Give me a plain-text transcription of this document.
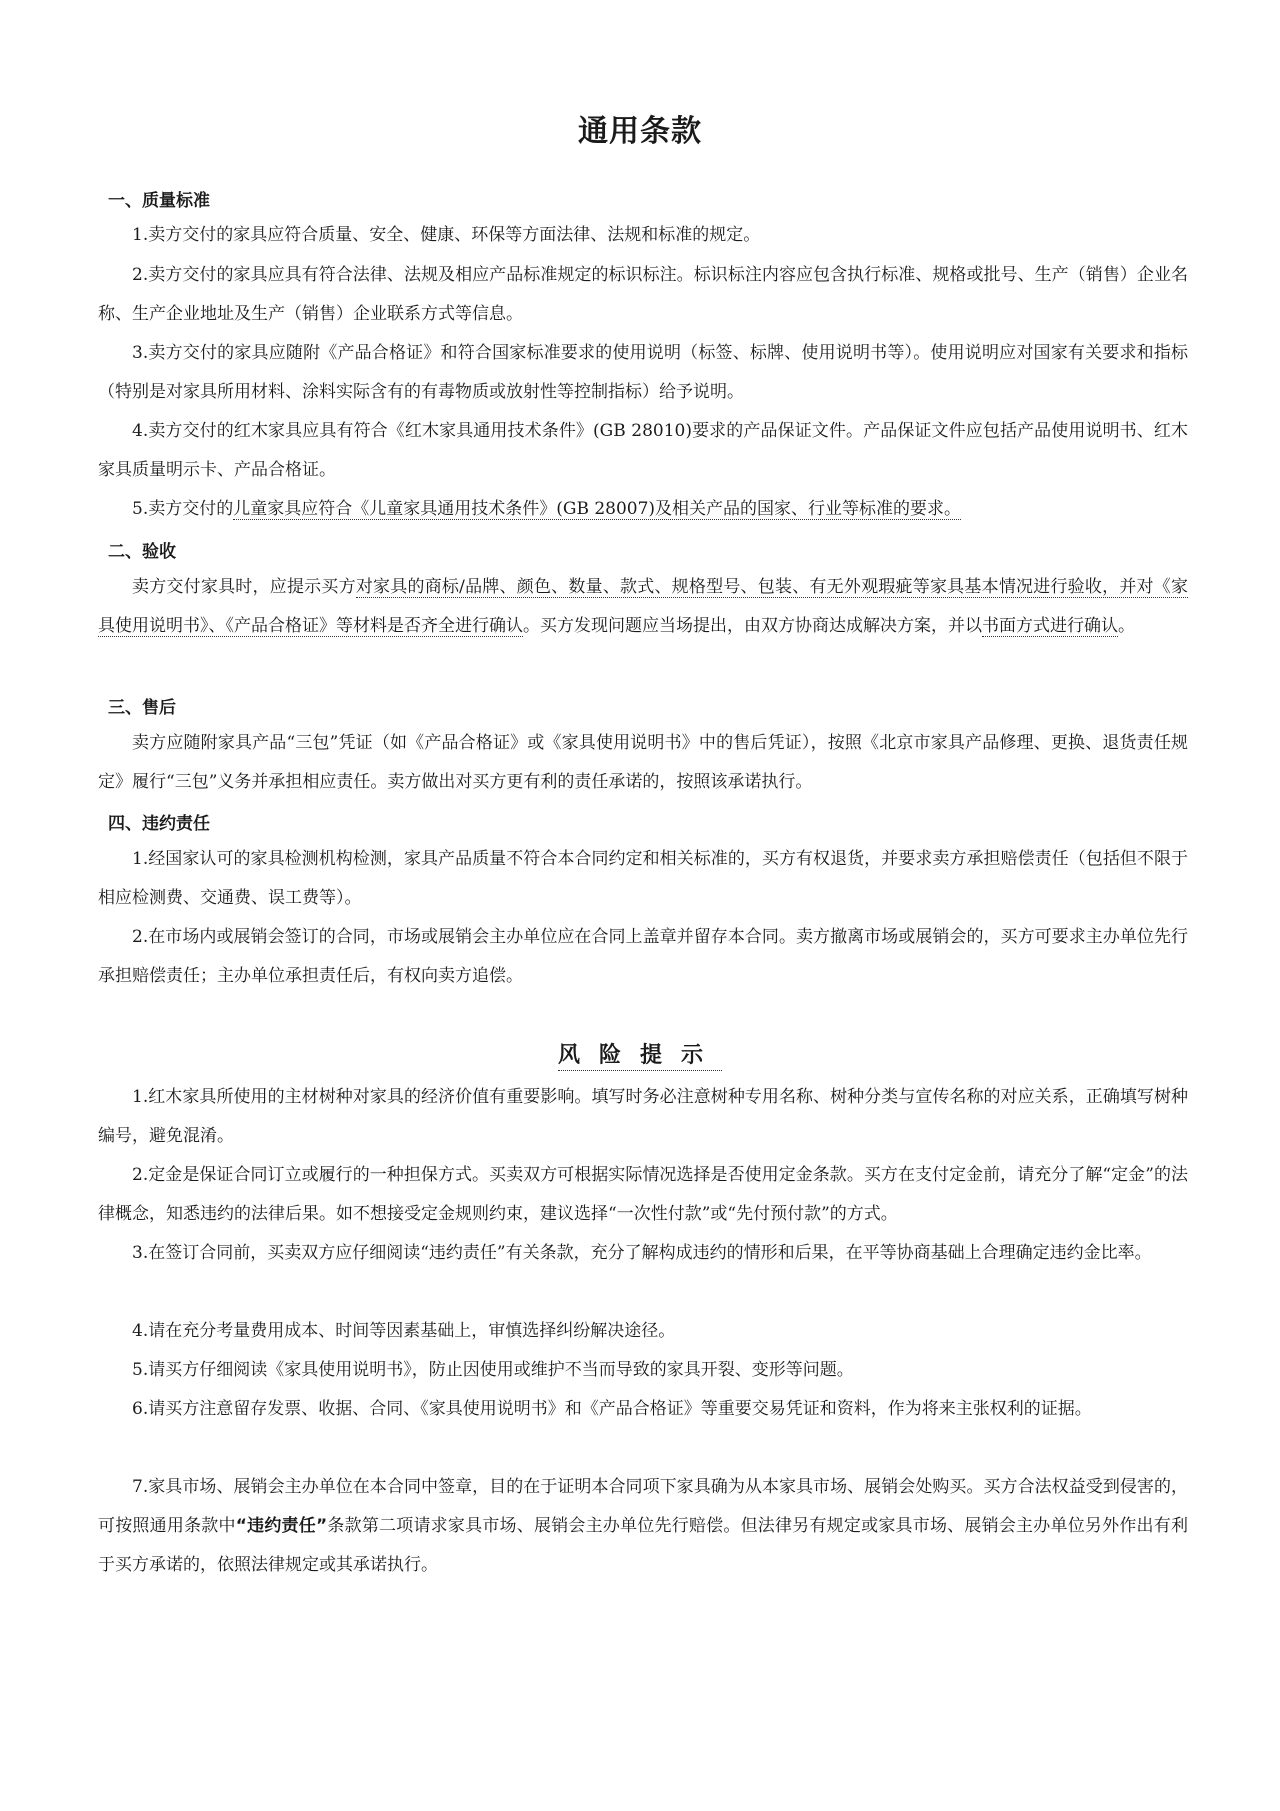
通用条款
一、质量标准

1.卖方交付的家具应符合质量、安全、健康、环保等方面法律、法规和标准的规定。

2.卖方交付的家具应具有符合法律、法规及相应产品标准规定的标识标注。标识标注内容应包含执行标准、规格或批号、生产（销售）企业名称、生产企业地址及生产（销售）企业联系方式等信息。

3.卖方交付的家具应随附《产品合格证》和符合国家标准要求的使用说明（标签、标牌、使用说明书等）。使用说明应对国家有关要求和指标（特别是对家具所用材料、涂料实际含有的有毒物质或放射性等控制指标）给予说明。

4.卖方交付的红木家具应具有符合《红木家具通用技术条件》(GB 28010)要求的产品保证文件。产品保证文件应包括产品使用说明书、红木家具质量明示卡、产品合格证。

5.卖方交付的儿童家具应符合《儿童家具通用技术条件》(GB 28007)及相关产品的国家、行业等标准的要求。

二、验收

卖方交付家具时，应提示买方对家具的商标/品牌、颜色、数量、款式、规格型号、包装、有无外观瑕疵等家具基本情况进行验收，并对《家具使用说明书》、《产品合格证》等材料是否齐全进行确认。买方发现问题应当场提出，由双方协商达成解决方案，并以书面方式进行确认。

三、售后

卖方应随附家具产品“三包”凭证（如《产品合格证》或《家具使用说明书》中的售后凭证），按照《北京市家具产品修理、更换、退货责任规定》履行“三包”义务并承担相应责任。卖方做出对买方更有利的责任承诺的，按照该承诺执行。

四、违约责任

1.经国家认可的家具检测机构检测，家具产品质量不符合本合同约定和相关标准的，买方有权退货，并要求卖方承担赔偿责任（包括但不限于相应检测费、交通费、误工费等）。

2.在市场内或展销会签订的合同，市场或展销会主办单位应在合同上盖章并留存本合同。卖方撤离市场或展销会的，买方可要求主办单位先行承担赔偿责任；主办单位承担责任后，有权向卖方追偿。

风险提示

1.红木家具所使用的主材树种对家具的经济价值有重要影响。填写时务必注意树种专用名称、树种分类与宣传名称的对应关系，正确填写树种编号，避免混淆。

2.定金是保证合同订立或履行的一种担保方式。买卖双方可根据实际情况选择是否使用定金条款。买方在支付定金前，请充分了解“定金”的法律概念，知悉违约的法律后果。如不想接受定金规则约束，建议选择“一次性付款”或“先付预付款”的方式。

3.在签订合同前，买卖双方应仔细阅读“违约责任”有关条款，充分了解构成违约的情形和后果，在平等协商基础上合理确定违约金比率。

4.请在充分考量费用成本、时间等因素基础上，审慎选择纠纷解决途径。

5.请买方仔细阅读《家具使用说明书》，防止因使用或维护不当而导致的家具开裂、变形等问题。

6.请买方注意留存发票、收据、合同、《家具使用说明书》和《产品合格证》等重要交易凭证和资料，作为将来主张权利的证据。

7.家具市场、展销会主办单位在本合同中签章，目的在于证明本合同项下家具确为从本家具市场、展销会处购买。买方合法权益受到侵害的，可按照通用条款中“违约责任”条款第二项请求家具市场、展销会主办单位先行赔偿。但法律另有规定或家具市场、展销会主办单位另外作出有利于买方承诺的，依照法律规定或其承诺执行。
